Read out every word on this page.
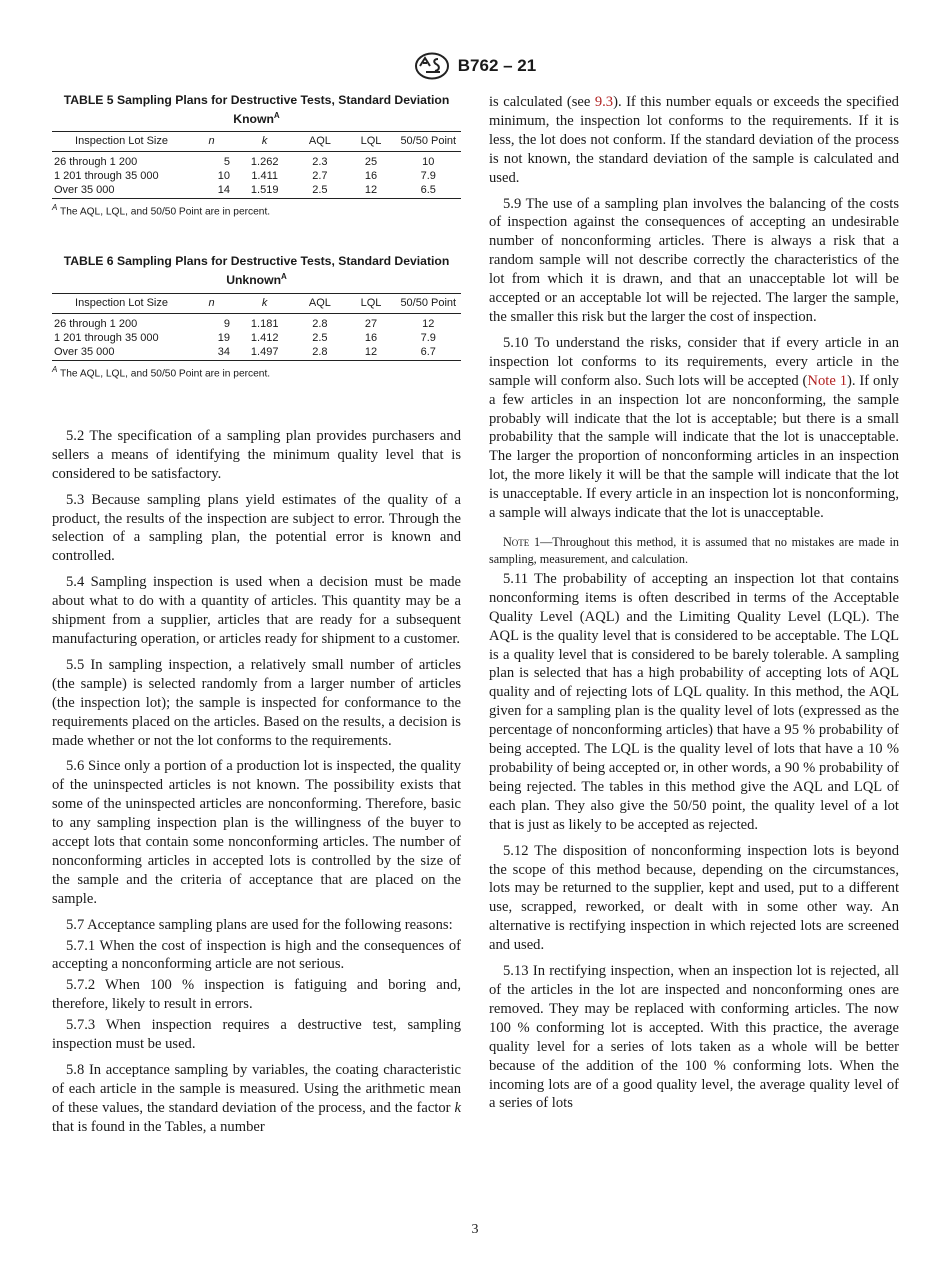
B762 – 21

TABLE 5 Sampling Plans for Destructive Tests, Standard Deviation Known$^A$

Inspection Lot Size	n	k	AQL	LQL	50/50 Point
26 through 1 200	5	1.262	2.3	25	10
1 201 through 35 000	10	1.411	2.7	16	7.9
Over 35 000	14	1.519	2.5	12	6.5

$^A$ The AQL, LQL, and 50/50 Point are in percent.

TABLE 6 Sampling Plans for Destructive Tests, Standard Deviation Unknown$^A$

Inspection Lot Size	n	k	AQL	LQL	50/50 Point
26 through 1 200	9	1.181	2.8	27	12
1 201 through 35 000	19	1.412	2.5	16	7.9
Over 35 000	34	1.497	2.8	12	6.7

$^A$ The AQL, LQL, and 50/50 Point are in percent.

5.2 The specification of a sampling plan provides purchasers and sellers a means of identifying the minimum quality level that is considered to be satisfactory.

5.3 Because sampling plans yield estimates of the quality of a product, the results of the inspection are subject to error. Through the selection of a sampling plan, the potential error is known and controlled.

5.4 Sampling inspection is used when a decision must be made about what to do with a quantity of articles. This quantity may be a shipment from a supplier, articles that are ready for a subsequent manufacturing operation, or articles ready for shipment to a customer.

5.5 In sampling inspection, a relatively small number of articles (the sample) is selected randomly from a larger number of articles (the inspection lot); the sample is inspected for conformance to the requirements placed on the articles. Based on the results, a decision is made whether or not the lot conforms to the requirements.

5.6 Since only a portion of a production lot is inspected, the quality of the uninspected articles is not known. The possibility exists that some of the uninspected articles are nonconforming. Therefore, basic to any sampling inspection plan is the willingness of the buyer to accept lots that contain some nonconforming articles. The number of nonconforming articles in accepted lots is controlled by the size of the sample and the criteria of acceptance that are placed on the sample.

5.7 Acceptance sampling plans are used for the following reasons:

5.7.1 When the cost of inspection is high and the consequences of accepting a nonconforming article are not serious.

5.7.2 When 100 % inspection is fatiguing and boring and, therefore, likely to result in errors.

5.7.3 When inspection requires a destructive test, sampling inspection must be used.

5.8 In acceptance sampling by variables, the coating characteristic of each article in the sample is measured. Using the arithmetic mean of these values, the standard deviation of the process, and the factor k that is found in the Tables, a number

is calculated (see 9.3). If this number equals or exceeds the specified minimum, the inspection lot conforms to the requirements. If it is less, the lot does not conform. If the standard deviation of the process is not known, the standard deviation of the sample is calculated and used.

5.9 The use of a sampling plan involves the balancing of the costs of inspection against the consequences of accepting an undesirable number of nonconforming articles. There is always a risk that a random sample will not describe correctly the characteristics of the lot from which it is drawn, and that an unacceptable lot will be accepted or an acceptable lot will be rejected. The larger the sample, the smaller this risk but the larger the cost of inspection.

5.10 To understand the risks, consider that if every article in an inspection lot conforms to its requirements, every article in the sample will conform also. Such lots will be accepted (Note 1). If only a few articles in an inspection lot are nonconforming, the sample probably will indicate that the lot is acceptable; but there is a small probability that the sample will indicate that the lot is unacceptable. The larger the proportion of nonconforming articles in an inspection lot, the more likely it will be that the sample will indicate that the lot is unacceptable. If every article in an inspection lot is nonconforming, a sample will always indicate that the lot is unacceptable.

Note 1—Throughout this method, it is assumed that no mistakes are made in sampling, measurement, and calculation.

5.11 The probability of accepting an inspection lot that contains nonconforming items is often described in terms of the Acceptable Quality Level (AQL) and the Limiting Quality Level (LQL). The AQL is the quality level that is considered to be acceptable. The LQL is a quality level that is considered to be barely tolerable. A sampling plan is selected that has a high probability of accepting lots of AQL quality and of rejecting lots of LQL quality. In this method, the AQL given for a sampling plan is the quality level of lots (expressed as the percentage of nonconforming articles) that have a 95 % probability of being accepted. The LQL is the quality level of lots that have a 10 % probability of being accepted or, in other words, a 90 % probability of being rejected. The tables in this method give the AQL and LQL of each plan. They also give the 50/50 point, the quality level of a lot that is just as likely to be accepted as rejected.

5.12 The disposition of nonconforming inspection lots is beyond the scope of this method because, depending on the circumstances, lots may be returned to the supplier, kept and used, put to a different use, scrapped, reworked, or dealt with in some other way. An alternative is rectifying inspection in which rejected lots are screened and used.

5.13 In rectifying inspection, when an inspection lot is rejected, all of the articles in the lot are inspected and nonconforming ones are removed. They may be replaced with conforming articles. The now 100 % conforming lot is accepted. With this practice, the average quality level for a series of lots taken as a whole will be better because of the addition of the 100 % conforming lots. When the incoming lots are of a good quality level, the average quality level of a series of lots

3
